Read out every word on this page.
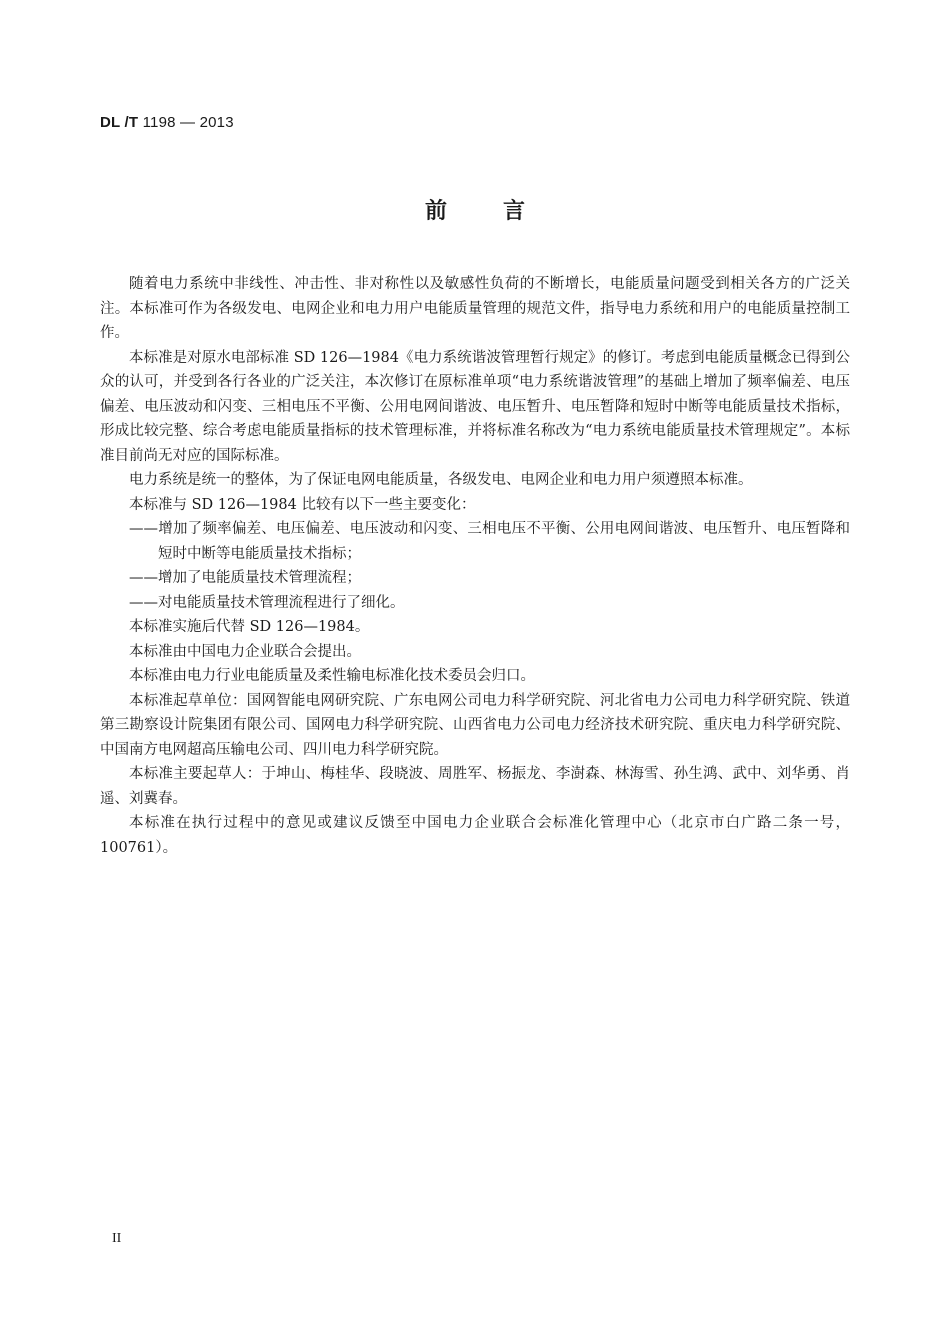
DL /T 1198 — 2013
前言

随着电力系统中非线性、冲击性、非对称性以及敏感性负荷的不断增长，电能质量问题受到相关各方的广泛关注。本标准可作为各级发电、电网企业和电力用户电能质量管理的规范文件，指导电力系统和用户的电能质量控制工作。

本标准是对原水电部标准 SD 126—1984《电力系统谐波管理暂行规定》的修订。考虑到电能质量概念已得到公众的认可，并受到各行各业的广泛关注，本次修订在原标准单项“电力系统谐波管理”的基础上增加了频率偏差、电压偏差、电压波动和闪变、三相电压不平衡、公用电网间谐波、电压暂升、电压暂降和短时中断等电能质量技术指标，形成比较完整、综合考虑电能质量指标的技术管理标准，并将标准名称改为“电力系统电能质量技术管理规定”。本标准目前尚无对应的国际标准。

电力系统是统一的整体，为了保证电网电能质量，各级发电、电网企业和电力用户须遵照本标准。

本标准与 SD 126—1984 比较有以下一些主要变化：

——增加了频率偏差、电压偏差、电压波动和闪变、三相电压不平衡、公用电网间谐波、电压暂升、电压暂降和短时中断等电能质量技术指标；

——增加了电能质量技术管理流程；

——对电能质量技术管理流程进行了细化。

本标准实施后代替 SD 126—1984。

本标准由中国电力企业联合会提出。

本标准由电力行业电能质量及柔性输电标准化技术委员会归口。

本标准起草单位：国网智能电网研究院、广东电网公司电力科学研究院、河北省电力公司电力科学研究院、铁道第三勘察设计院集团有限公司、国网电力科学研究院、山西省电力公司电力经济技术研究院、重庆电力科学研究院、中国南方电网超高压输电公司、四川电力科学研究院。

本标准主要起草人：于坤山、梅桂华、段晓波、周胜军、杨振龙、李澍森、林海雪、孙生鸿、武中、刘华勇、肖遥、刘冀春。

本标准在执行过程中的意见或建议反馈至中国电力企业联合会标准化管理中心（北京市白广路二条一号，100761）。

II
